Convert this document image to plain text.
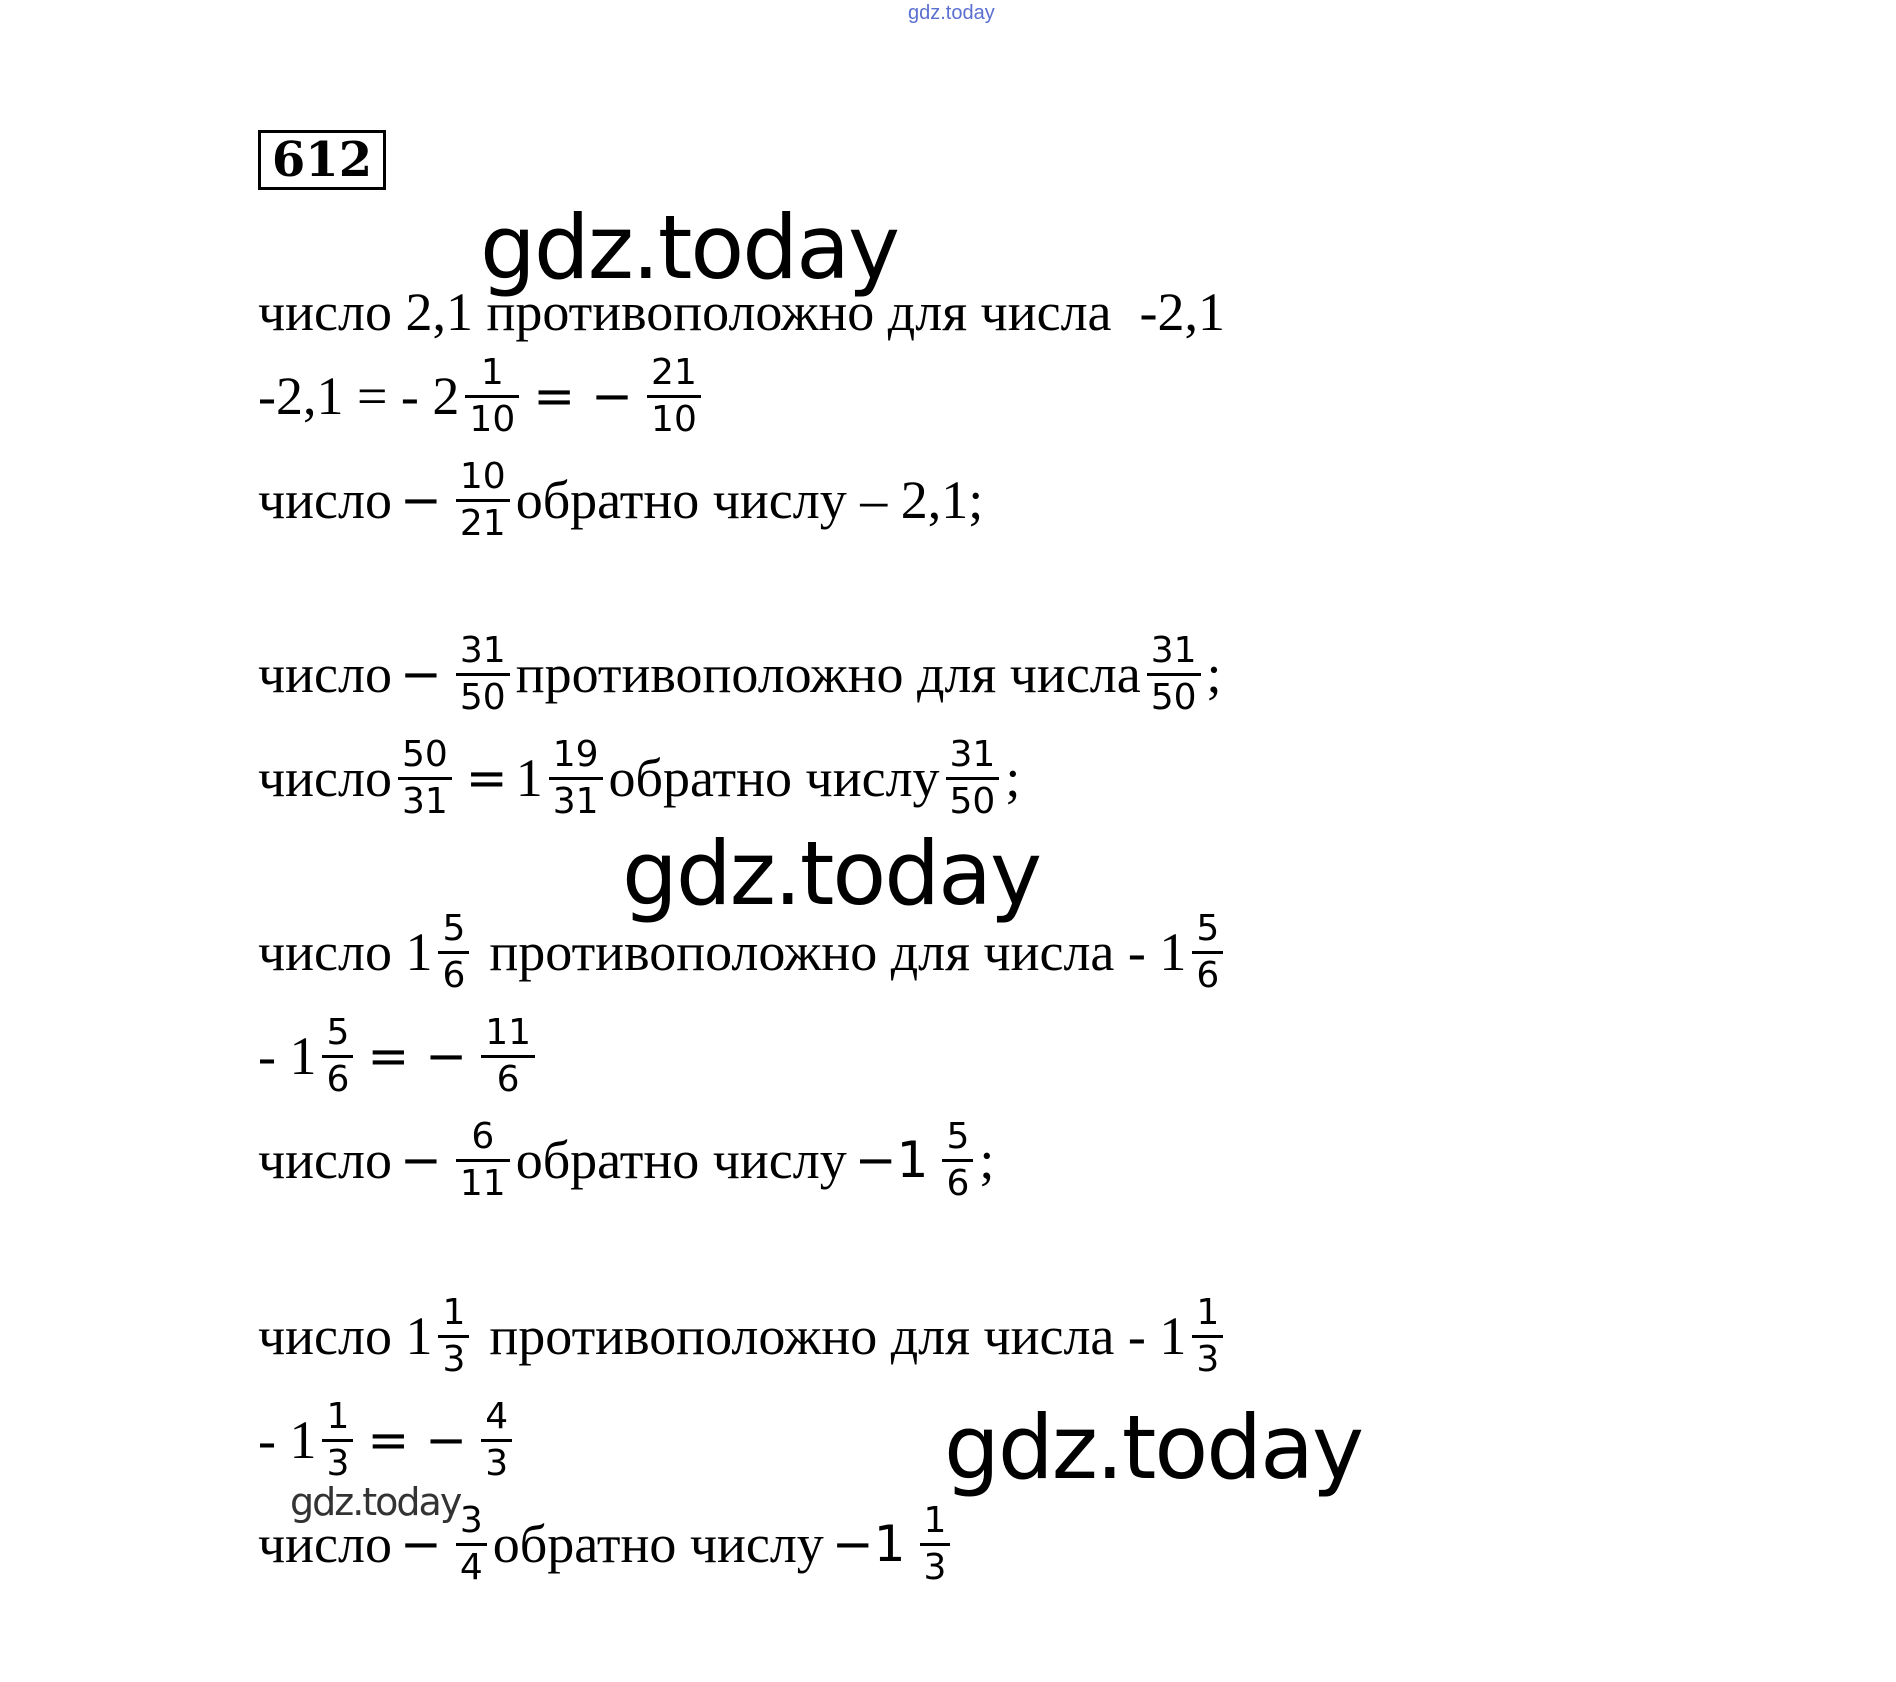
gdz.today
612
gdz.today
число 2,1 противоположно для числа -2,1
-2,1 = - $2 \frac{1}{10}$ = − $\frac{21}{10}$
число − $\frac{10}{21}$ обратно числу – 2,1;
число − $\frac{31}{50}$ противоположно для числа $\frac{31}{50}$ ;
число $\frac{50}{31} = 1 \frac{19}{31}$ обратно числу $\frac{31}{50}$ ;
gdz.today
число $1 \frac{5}{6}$ противоположно для числа - $1 \frac{5}{6}$
- $1 \frac{5}{6}$ = − $\frac{11}{6}$
число − $\frac{6}{11}$ обратно числу $-1 \frac{5}{6}$ ;
число $1 \frac{1}{3}$ противоположно для числа - $1 \frac{1}{3}$
- $1 \frac{1}{3}$ = − $\frac{4}{3}$	gdz.today
gdz.today
число − $\frac{3}{4}$ обратно числу $-1 \frac{1}{3}$
